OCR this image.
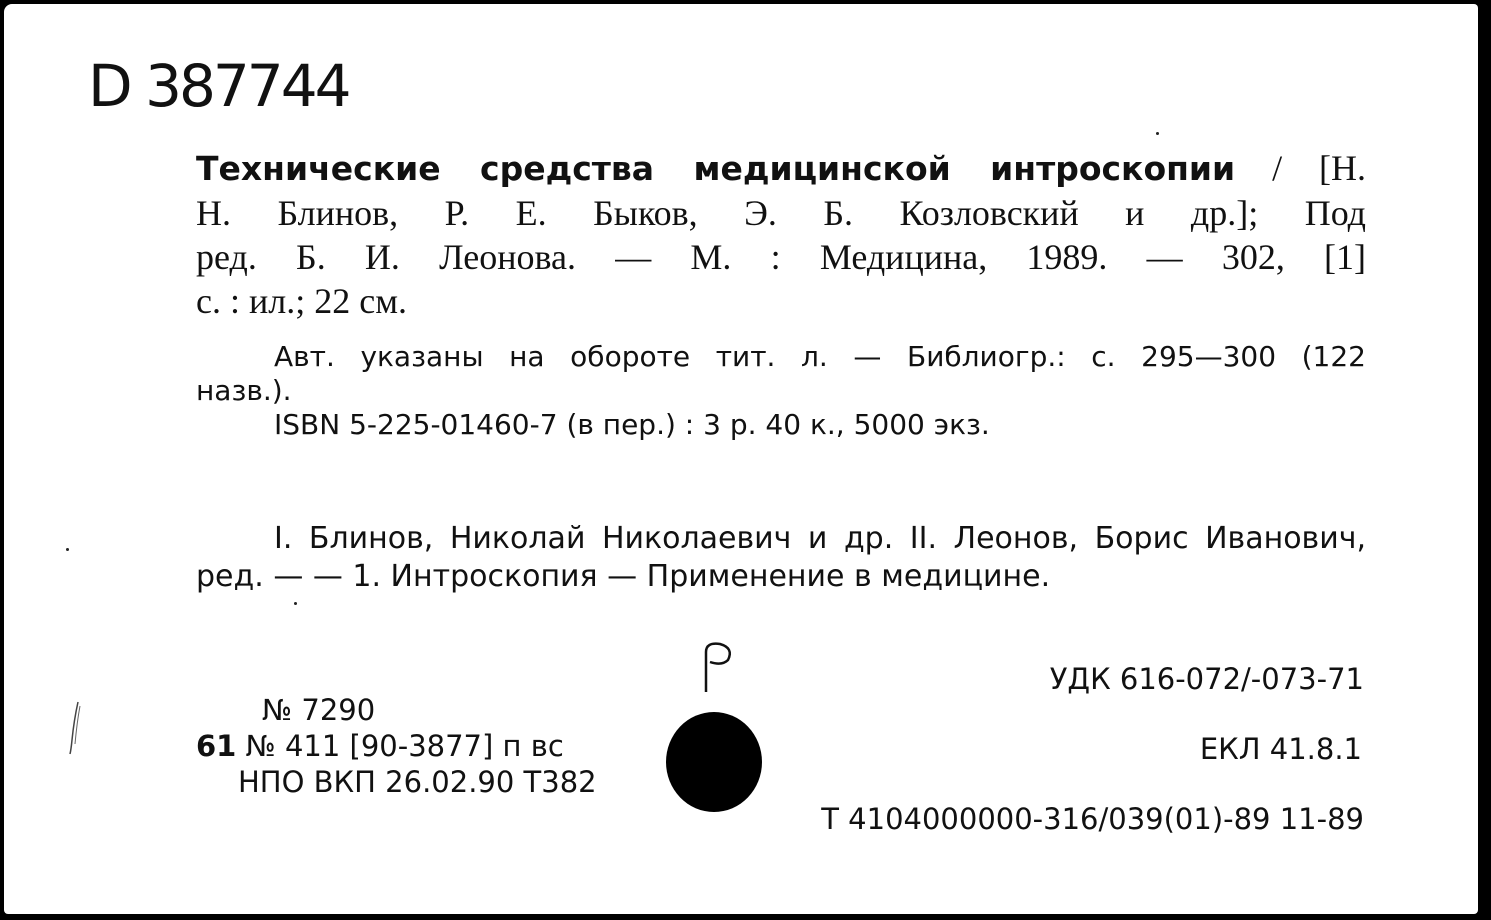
D 387744
Технические средства медицинской интроскопии / [Н.
Н. Блинов, Р. Е. Быков, Э. Б. Козловский и др.]; Под
ред. Б. И. Леонова. — М. : Медицина, 1989. — 302, [1]
с. : ил.; 22 см.
Авт. указаны на обороте тит. л. — Библиогр.: с. 295—300 (122
назв.).
ISBN 5-225-01460-7 (в пер.) : 3 р. 40 к., 5000 экз.
I. Блинов, Николай Николаевич и др. II. Леонов, Борис Иванович,
ред. — — 1. Интроскопия — Применение в медицине.
№ 7290
61 № 411 [90-3877] п вс
НПО ВКП 26.02.90 Т382
УДК 616-072/-073-71
ЕКЛ 41.8.1
Т 4104000000-316/039(01)-89 11-89
